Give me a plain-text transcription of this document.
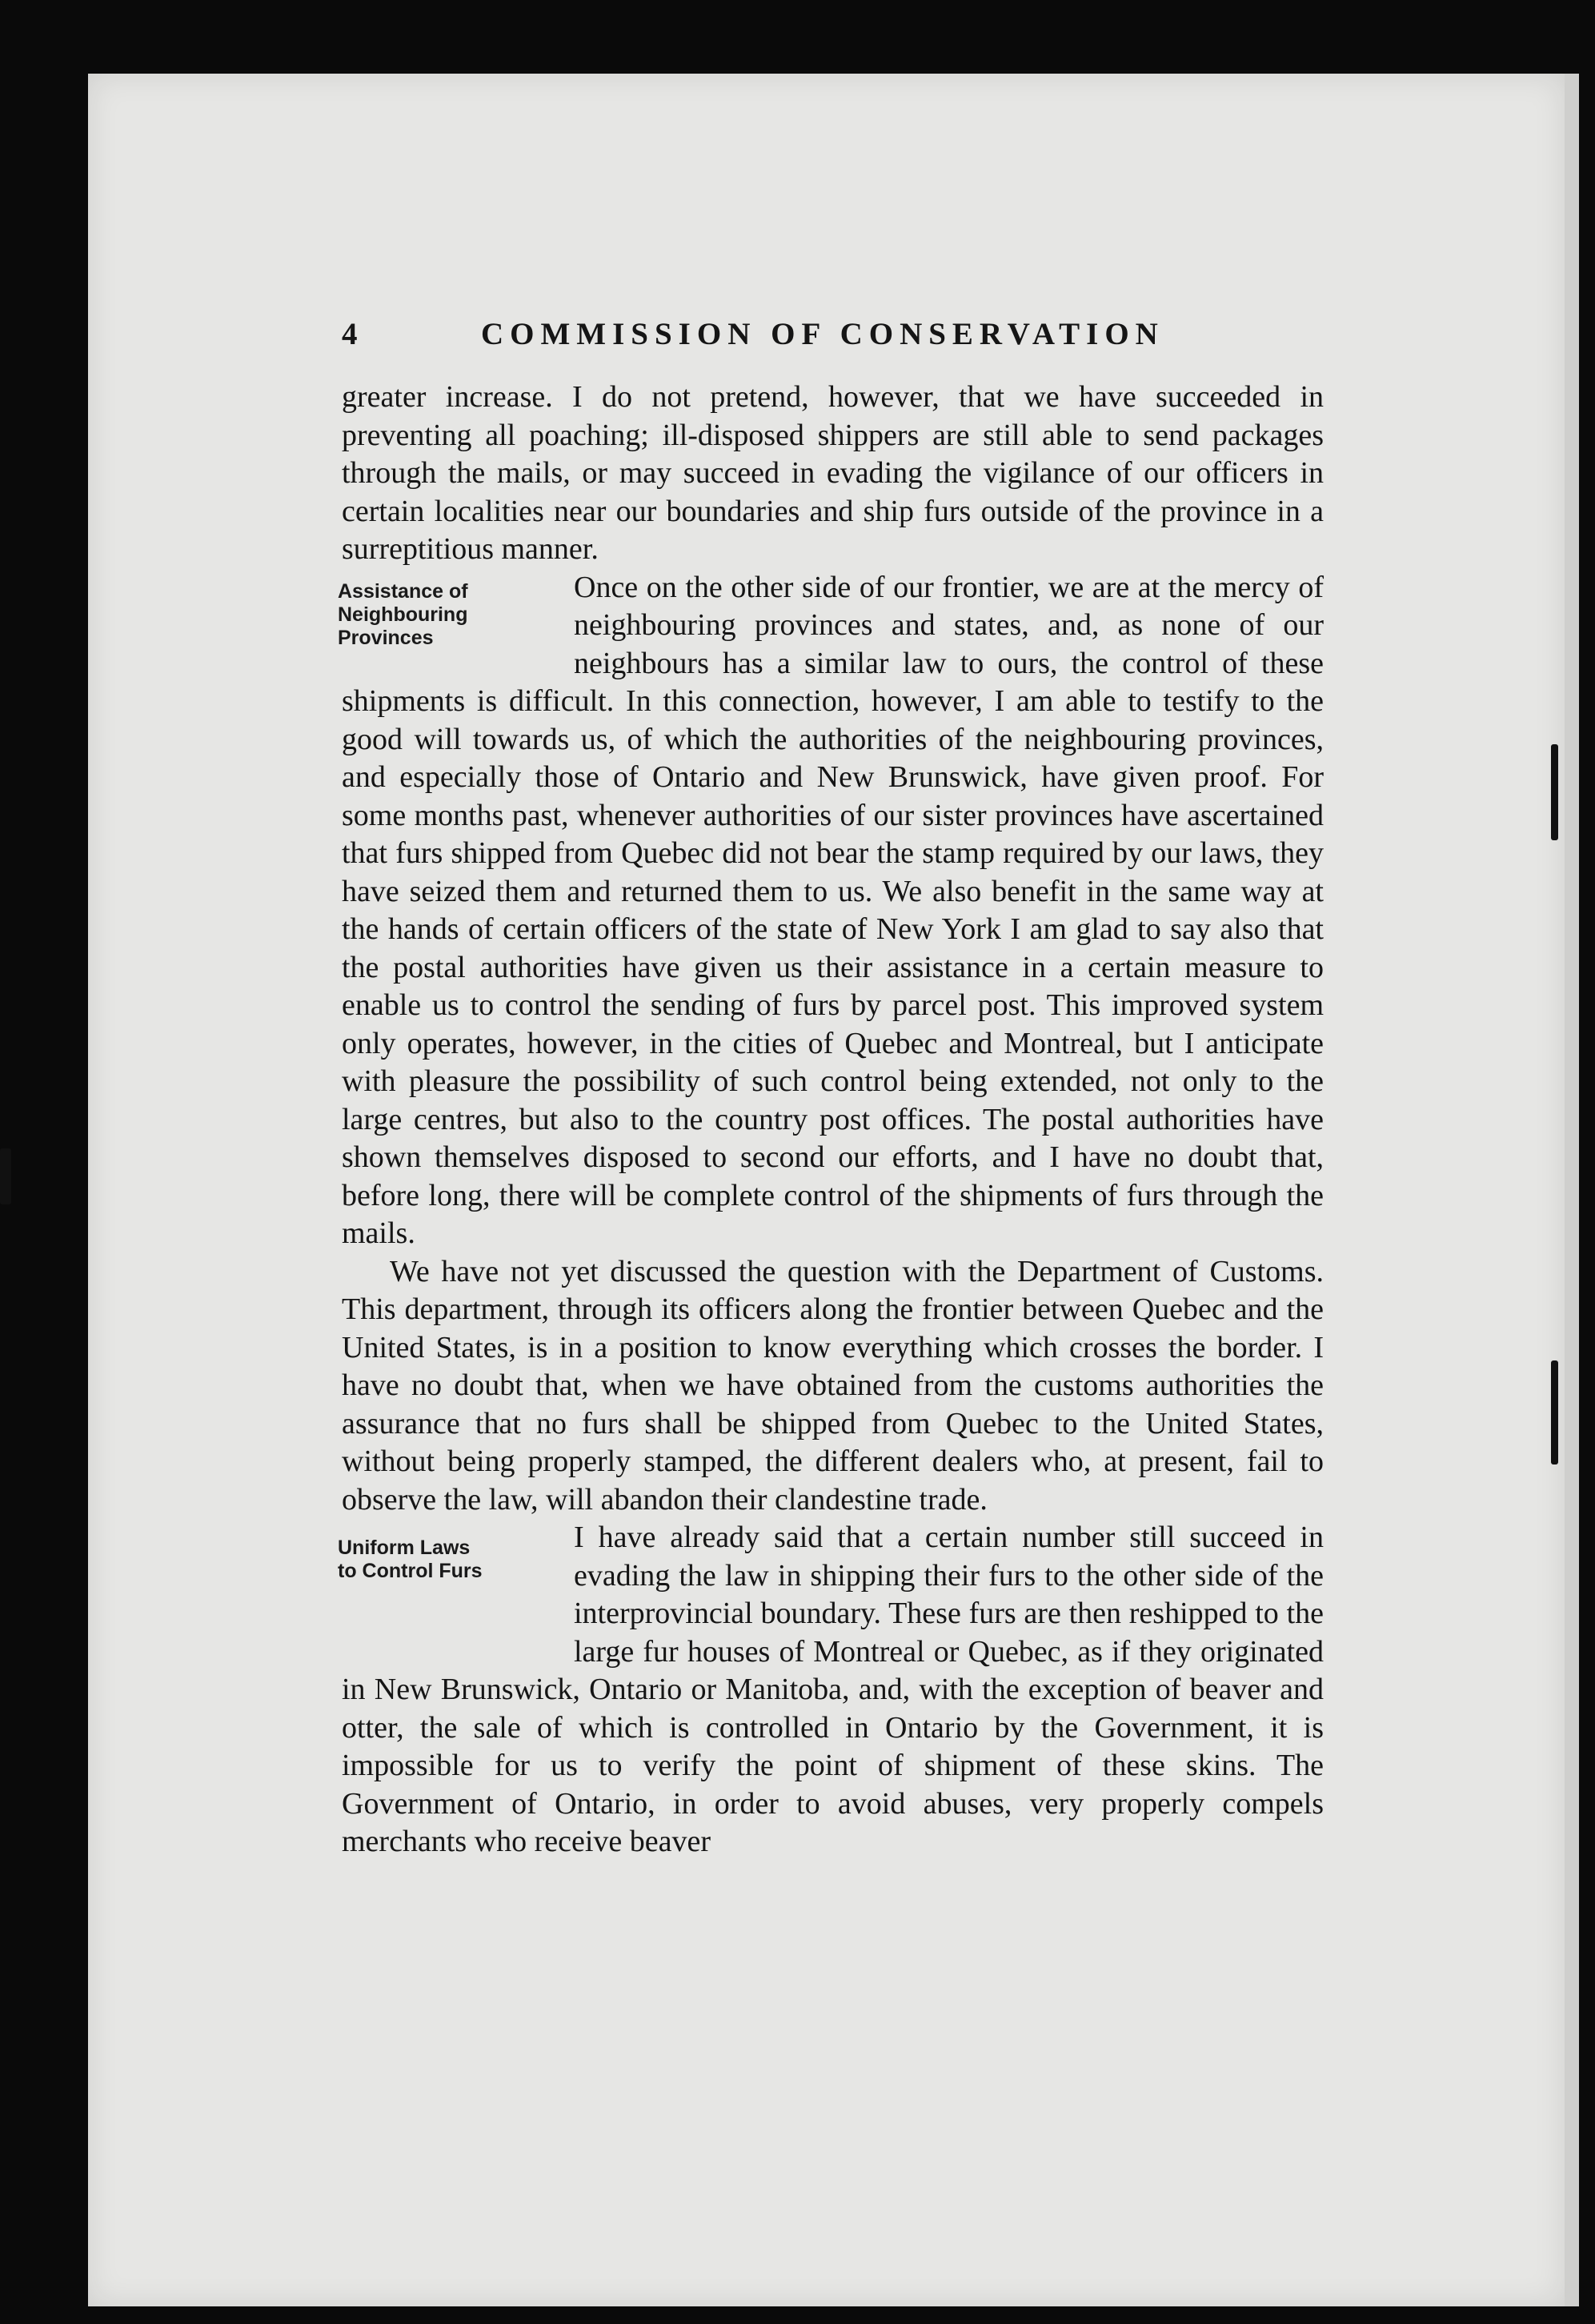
4	COMMISSION OF CONSERVATION

greater increase. I do not pretend, however, that we have succeeded in preventing all poaching; ill-disposed shippers are still able to send packages through the mails, or may succeed in evading the vigilance of our officers in certain localities near our boundaries and ship furs outside of the province in a surreptitious manner.

Assistance of
Neighbouring
Provinces

Once on the other side of our frontier, we are at the mercy of neighbouring provinces and states, and, as none of our neighbours has a similar law to ours, the control of these shipments is difficult. In this connection, however, I am able to testify to the good will towards us, of which the authorities of the neighbouring provinces, and especially those of Ontario and New Brunswick, have given proof. For some months past, whenever authorities of our sister provinces have ascertained that furs shipped from Quebec did not bear the stamp required by our laws, they have seized them and returned them to us. We also benefit in the same way at the hands of certain officers of the state of New York I am glad to say also that the postal authorities have given us their assistance in a certain measure to enable us to control the sending of furs by parcel post. This improved system only operates, however, in the cities of Quebec and Montreal, but I anticipate with pleasure the possibility of such control being extended, not only to the large centres, but also to the country post offices. The postal authorities have shown themselves disposed to second our efforts, and I have no doubt that, before long, there will be complete control of the shipments of furs through the mails.

We have not yet discussed the question with the Department of Customs. This department, through its officers along the frontier between Quebec and the United States, is in a position to know everything which crosses the border. I have no doubt that, when we have obtained from the customs authorities the assurance that no furs shall be shipped from Quebec to the United States, without being properly stamped, the different dealers who, at present, fail to observe the law, will abandon their clandestine trade.

Uniform Laws
to Control Furs

I have already said that a certain number still succeed in evading the law in shipping their furs to the other side of the interprovincial boundary. These furs are then reshipped to the large fur houses of Montreal or Quebec, as if they originated in New Brunswick, Ontario or Manitoba, and, with the exception of beaver and otter, the sale of which is controlled in Ontario by the Government, it is impossible for us to verify the point of shipment of these skins. The Government of Ontario, in order to avoid abuses, very properly compels merchants who receive beaver
